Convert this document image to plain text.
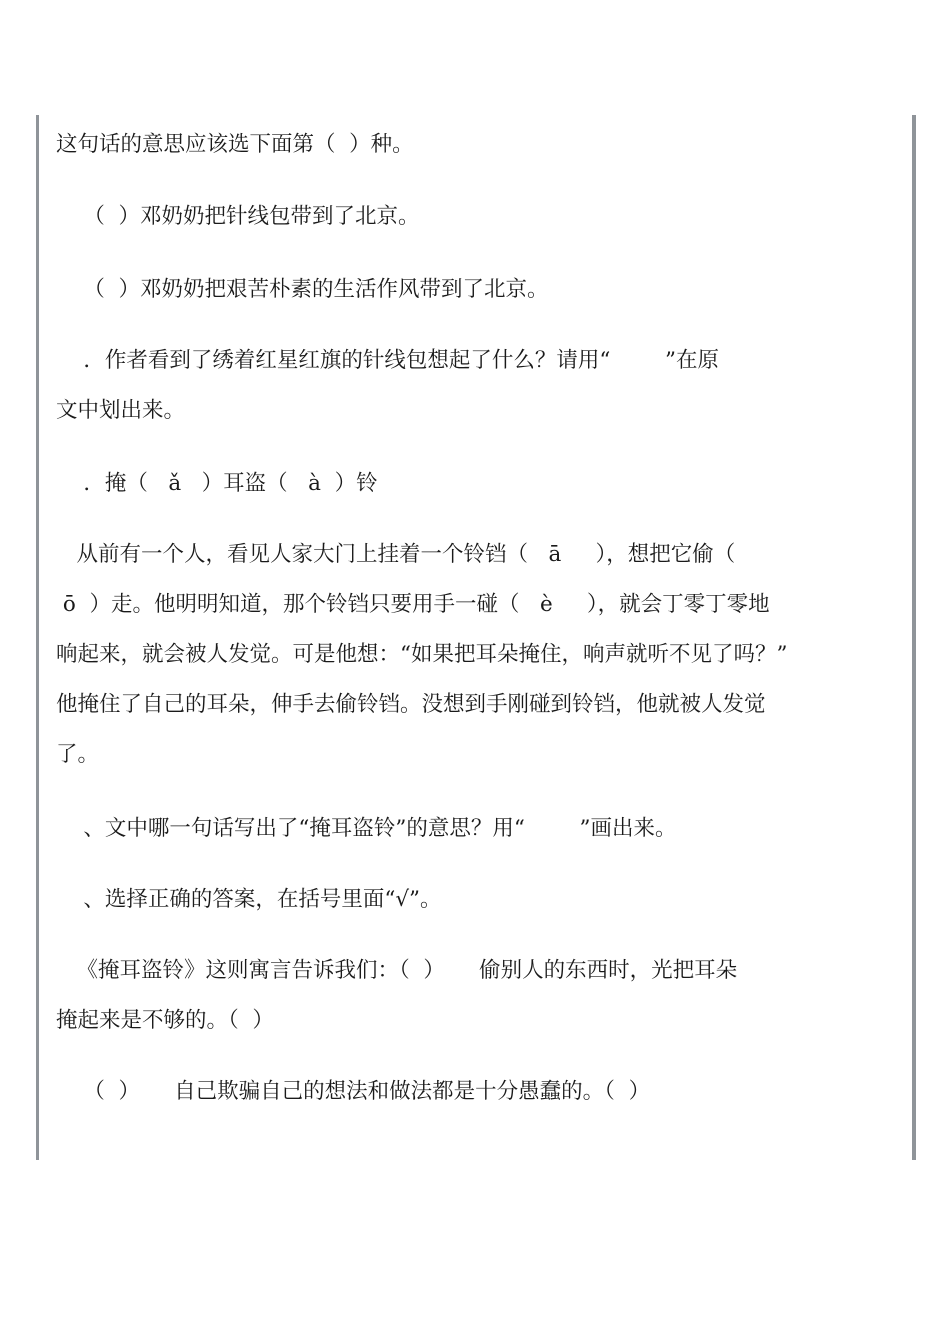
这句话的意思应该选下面第（  ）种。
（  ）邓奶奶把针线包带到了北京。
（  ）邓奶奶把艰苦朴素的生活作风带到了北京。
．作者看到了绣着红星红旗的针线包想起了什么？请用“        ”在原
文中划出来。
．掩（   ǎ   ）耳盗（   à  ）铃
从前有一个人，看见人家大门上挂着一个铃铛（   ā     ），想把它偷（
ō  ）走。他明明知道，那个铃铛只要用手一碰（   è     ），就会丁零丁零地
响起来，就会被人发觉。可是他想：“如果把耳朵掩住，响声就听不见了吗？”
他掩住了自己的耳朵，伸手去偷铃铛。没想到手刚碰到铃铛，他就被人发觉
了。
、文中哪一句话写出了“掩耳盗铃”的意思？用“        ”画出来。
、选择正确的答案，在括号里面“√”。
《掩耳盗铃》这则寓言告诉我们：（  ）     偷别人的东西时，光把耳朵
掩起来是不够的。（  ）
（  ）     自己欺骗自己的想法和做法都是十分愚蠢的。（  ）
